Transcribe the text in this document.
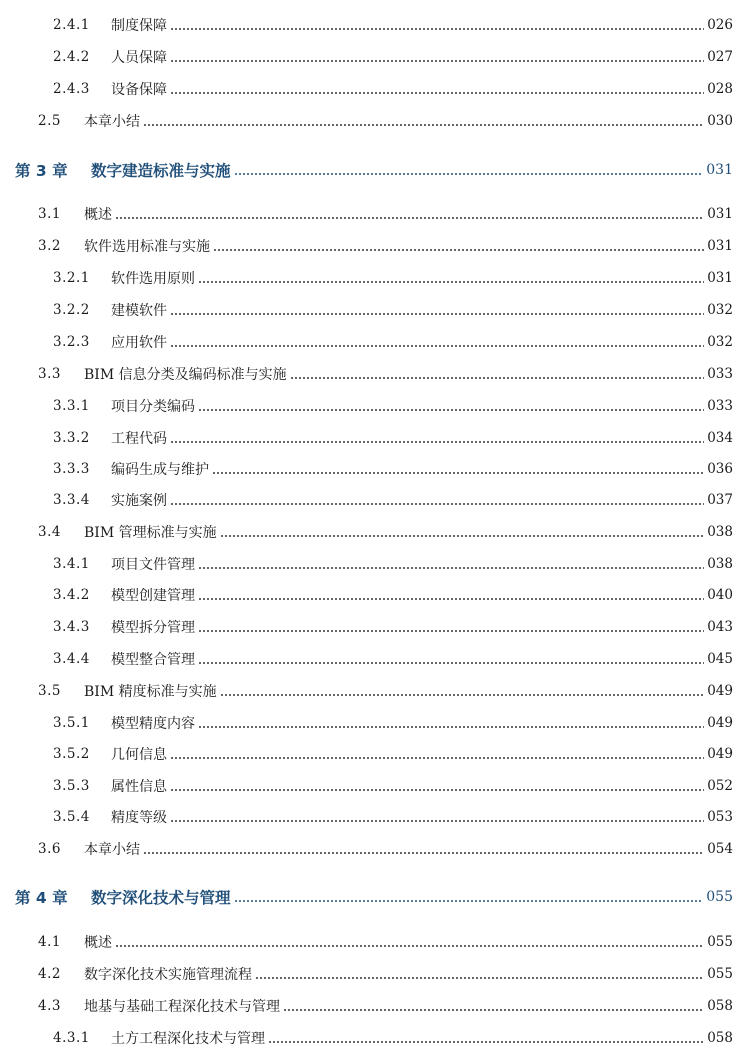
2.4.1	制度保障	026
2.4.2	人员保障	027
2.4.3	设备保障	028
2.5	本章小结	030
第 3 章	数字建造标准与实施	031
3.1	概述	031
3.2	软件选用标准与实施	031
3.2.1	软件选用原则	031
3.2.2	建模软件	032
3.2.3	应用软件	032
3.3	BIM 信息分类及编码标准与实施	033
3.3.1	项目分类编码	033
3.3.2	工程代码	034
3.3.3	编码生成与维护	036
3.3.4	实施案例	037
3.4	BIM 管理标准与实施	038
3.4.1	项目文件管理	038
3.4.2	模型创建管理	040
3.4.3	模型拆分管理	043
3.4.4	模型整合管理	045
3.5	BIM 精度标准与实施	049
3.5.1	模型精度内容	049
3.5.2	几何信息	049
3.5.3	属性信息	052
3.5.4	精度等级	053
3.6	本章小结	054
第 4 章	数字深化技术与管理	055
4.1	概述	055
4.2	数字深化技术实施管理流程	055
4.3	地基与基础工程深化技术与管理	058
4.3.1	土方工程深化技术与管理	058
